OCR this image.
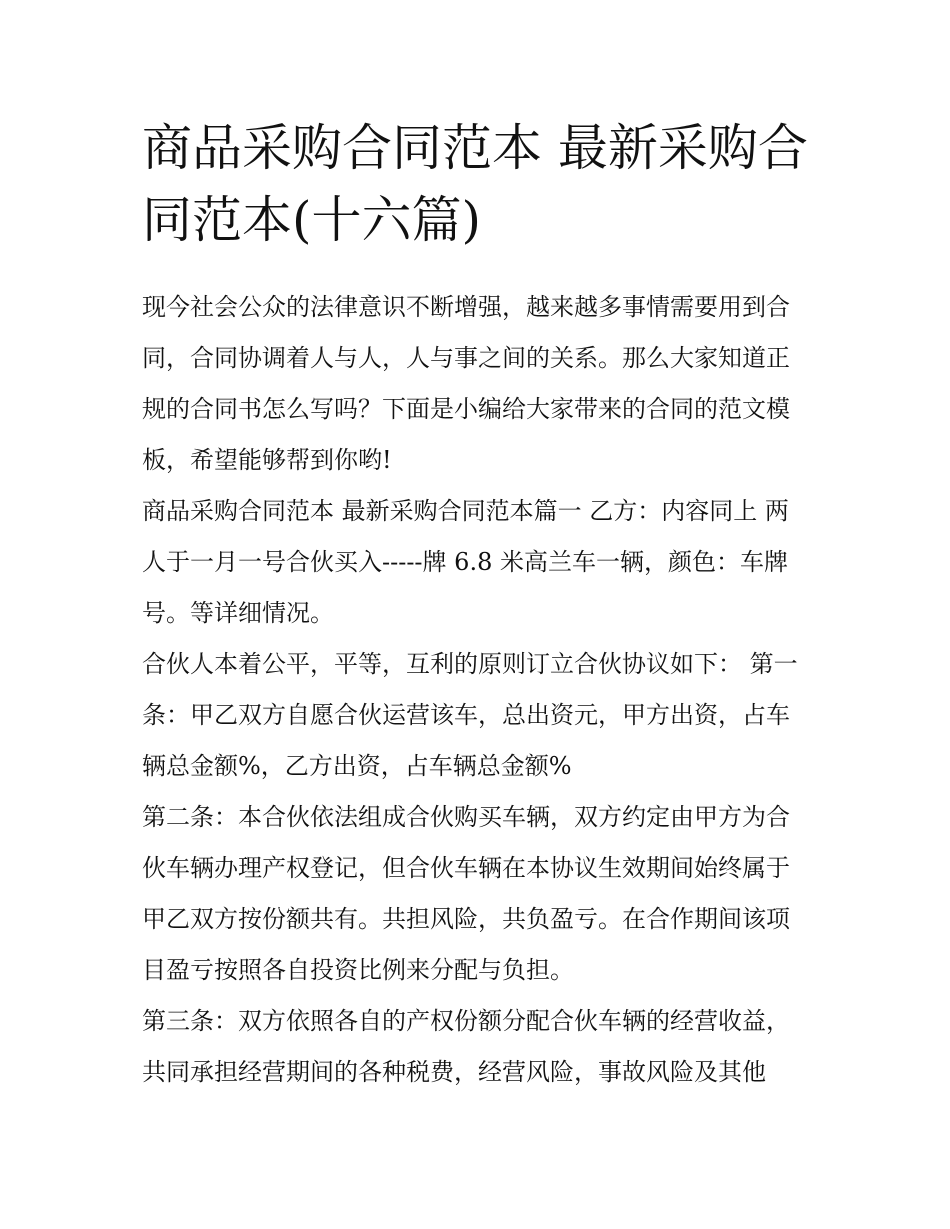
商品采购合同范本 最新采购合同范本(十六篇)

现今社会公众的法律意识不断增强，越来越多事情需要用到合同，合同协调着人与人，人与事之间的关系。那么大家知道正规的合同书怎么写吗？下面是小编给大家带来的合同的范文模板，希望能够帮到你哟!

商品采购合同范本 最新采购合同范本篇一 乙方：内容同上 两人于一月一号合伙买入-----牌 6.8 米高兰车一辆，颜色：车牌号。等详细情况。

合伙人本着公平，平等，互利的原则订立合伙协议如下： 第一条：甲乙双方自愿合伙运营该车，总出资元，甲方出资，占车辆总金额%，乙方出资，占车辆总金额%

第二条：本合伙依法组成合伙购买车辆，双方约定由甲方为合伙车辆办理产权登记，但合伙车辆在本协议生效期间始终属于甲乙双方按份额共有。共担风险，共负盈亏。在合作期间该项目盈亏按照各自投资比例来分配与负担。

第三条：双方依照各自的产权份额分配合伙车辆的经营收益，共同承担经营期间的各种税费，经营风险，事故风险及其他
